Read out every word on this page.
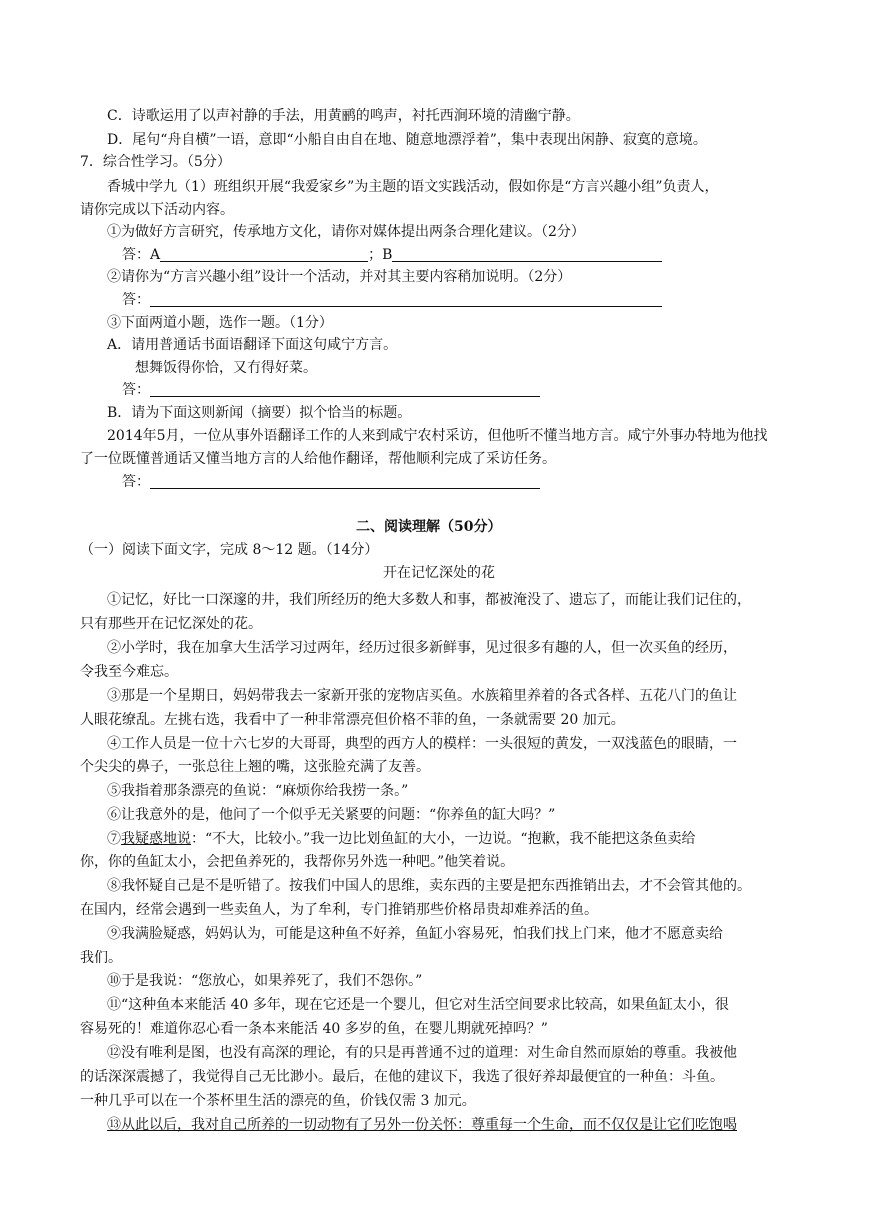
C．诗歌运用了以声衬静的手法，用黄鹂的鸣声，衬托西涧环境的清幽宁静。
D．尾句“舟自横”一语，意即“小船自由自在地、随意地漂浮着”，集中表现出闲静、寂寞的意境。
7．综合性学习。（5分）
香城中学九（1）班组织开展“我爱家乡”为主题的语文实践活动，假如你是“方言兴趣小组”负责人，
请你完成以下活动内容。
①为做好方言研究，传承地方文化，请你对媒体提出两条合理化建议。（2分）
答：A	；B
②请你为“方言兴趣小组”设计一个活动，并对其主要内容稍加说明。（2分）
答：
③下面两道小题，选作一题。（1分）
A．请用普通话书面语翻译下面这句咸宁方言。
想舞饭得你恰，又冇得好菜。
答：
B．请为下面这则新闻（摘要）拟个恰当的标题。
2014年5月，一位从事外语翻译工作的人来到咸宁农村采访，但他听不懂当地方言。咸宁外事办特地为他找
了一位既懂普通话又懂当地方言的人给他作翻译，帮他顺利完成了采访任务。
答：
二、阅读理解（50分）
（一）阅读下面文字，完成 8～12 题。（14分）
开在记忆深处的花
①记忆，好比一口深邃的井，我们所经历的绝大多数人和事，都被淹没了、遗忘了，而能让我们记住的，
只有那些开在记忆深处的花。
②小学时，我在加拿大生活学习过两年，经历过很多新鲜事，见过很多有趣的人，但一次买鱼的经历，
令我至今难忘。
③那是一个星期日，妈妈带我去一家新开张的宠物店买鱼。水族箱里养着的各式各样、五花八门的鱼让
人眼花缭乱。左挑右选，我看中了一种非常漂亮但价格不菲的鱼，一条就需要 20 加元。
④工作人员是一位十六七岁的大哥哥，典型的西方人的模样：一头很短的黄发，一双浅蓝色的眼睛，一
个尖尖的鼻子，一张总往上翘的嘴，这张脸充满了友善。
⑤我指着那条漂亮的鱼说：“麻烦你给我捞一条。”
⑥让我意外的是，他问了一个似乎无关紧要的问题：“你养鱼的缸大吗？”
⑦我疑惑地说：“不大，比较小。”我一边比划鱼缸的大小，一边说。“抱歉，我不能把这条鱼卖给
你，你的鱼缸太小，会把鱼养死的，我帮你另外选一种吧。”他笑着说。
⑧我怀疑自己是不是听错了。按我们中国人的思维，卖东西的主要是把东西推销出去，才不会管其他的。
在国内，经常会遇到一些卖鱼人，为了牟利，专门推销那些价格昂贵却难养活的鱼。
⑨我满脸疑惑，妈妈认为，可能是这种鱼不好养，鱼缸小容易死，怕我们找上门来，他才不愿意卖给
我们。
⑩于是我说：“您放心，如果养死了，我们不怨你。”
⑪“这种鱼本来能活 40 多年，现在它还是一个婴儿，但它对生活空间要求比较高，如果鱼缸太小，很
容易死的！难道你忍心看一条本来能活 40 多岁的鱼，在婴儿期就死掉吗？”
⑫没有唯利是图，也没有高深的理论，有的只是再普通不过的道理：对生命自然而原始的尊重。我被他
的话深深震撼了，我觉得自己无比渺小。最后，在他的建议下，我选了很好养却最便宜的一种鱼：斗鱼。
一种几乎可以在一个茶杯里生活的漂亮的鱼，价钱仅需 3 加元。
⑬从此以后，我对自己所养的一切动物有了另外一份关怀：尊重每一个生命，而不仅仅是让它们吃饱喝
